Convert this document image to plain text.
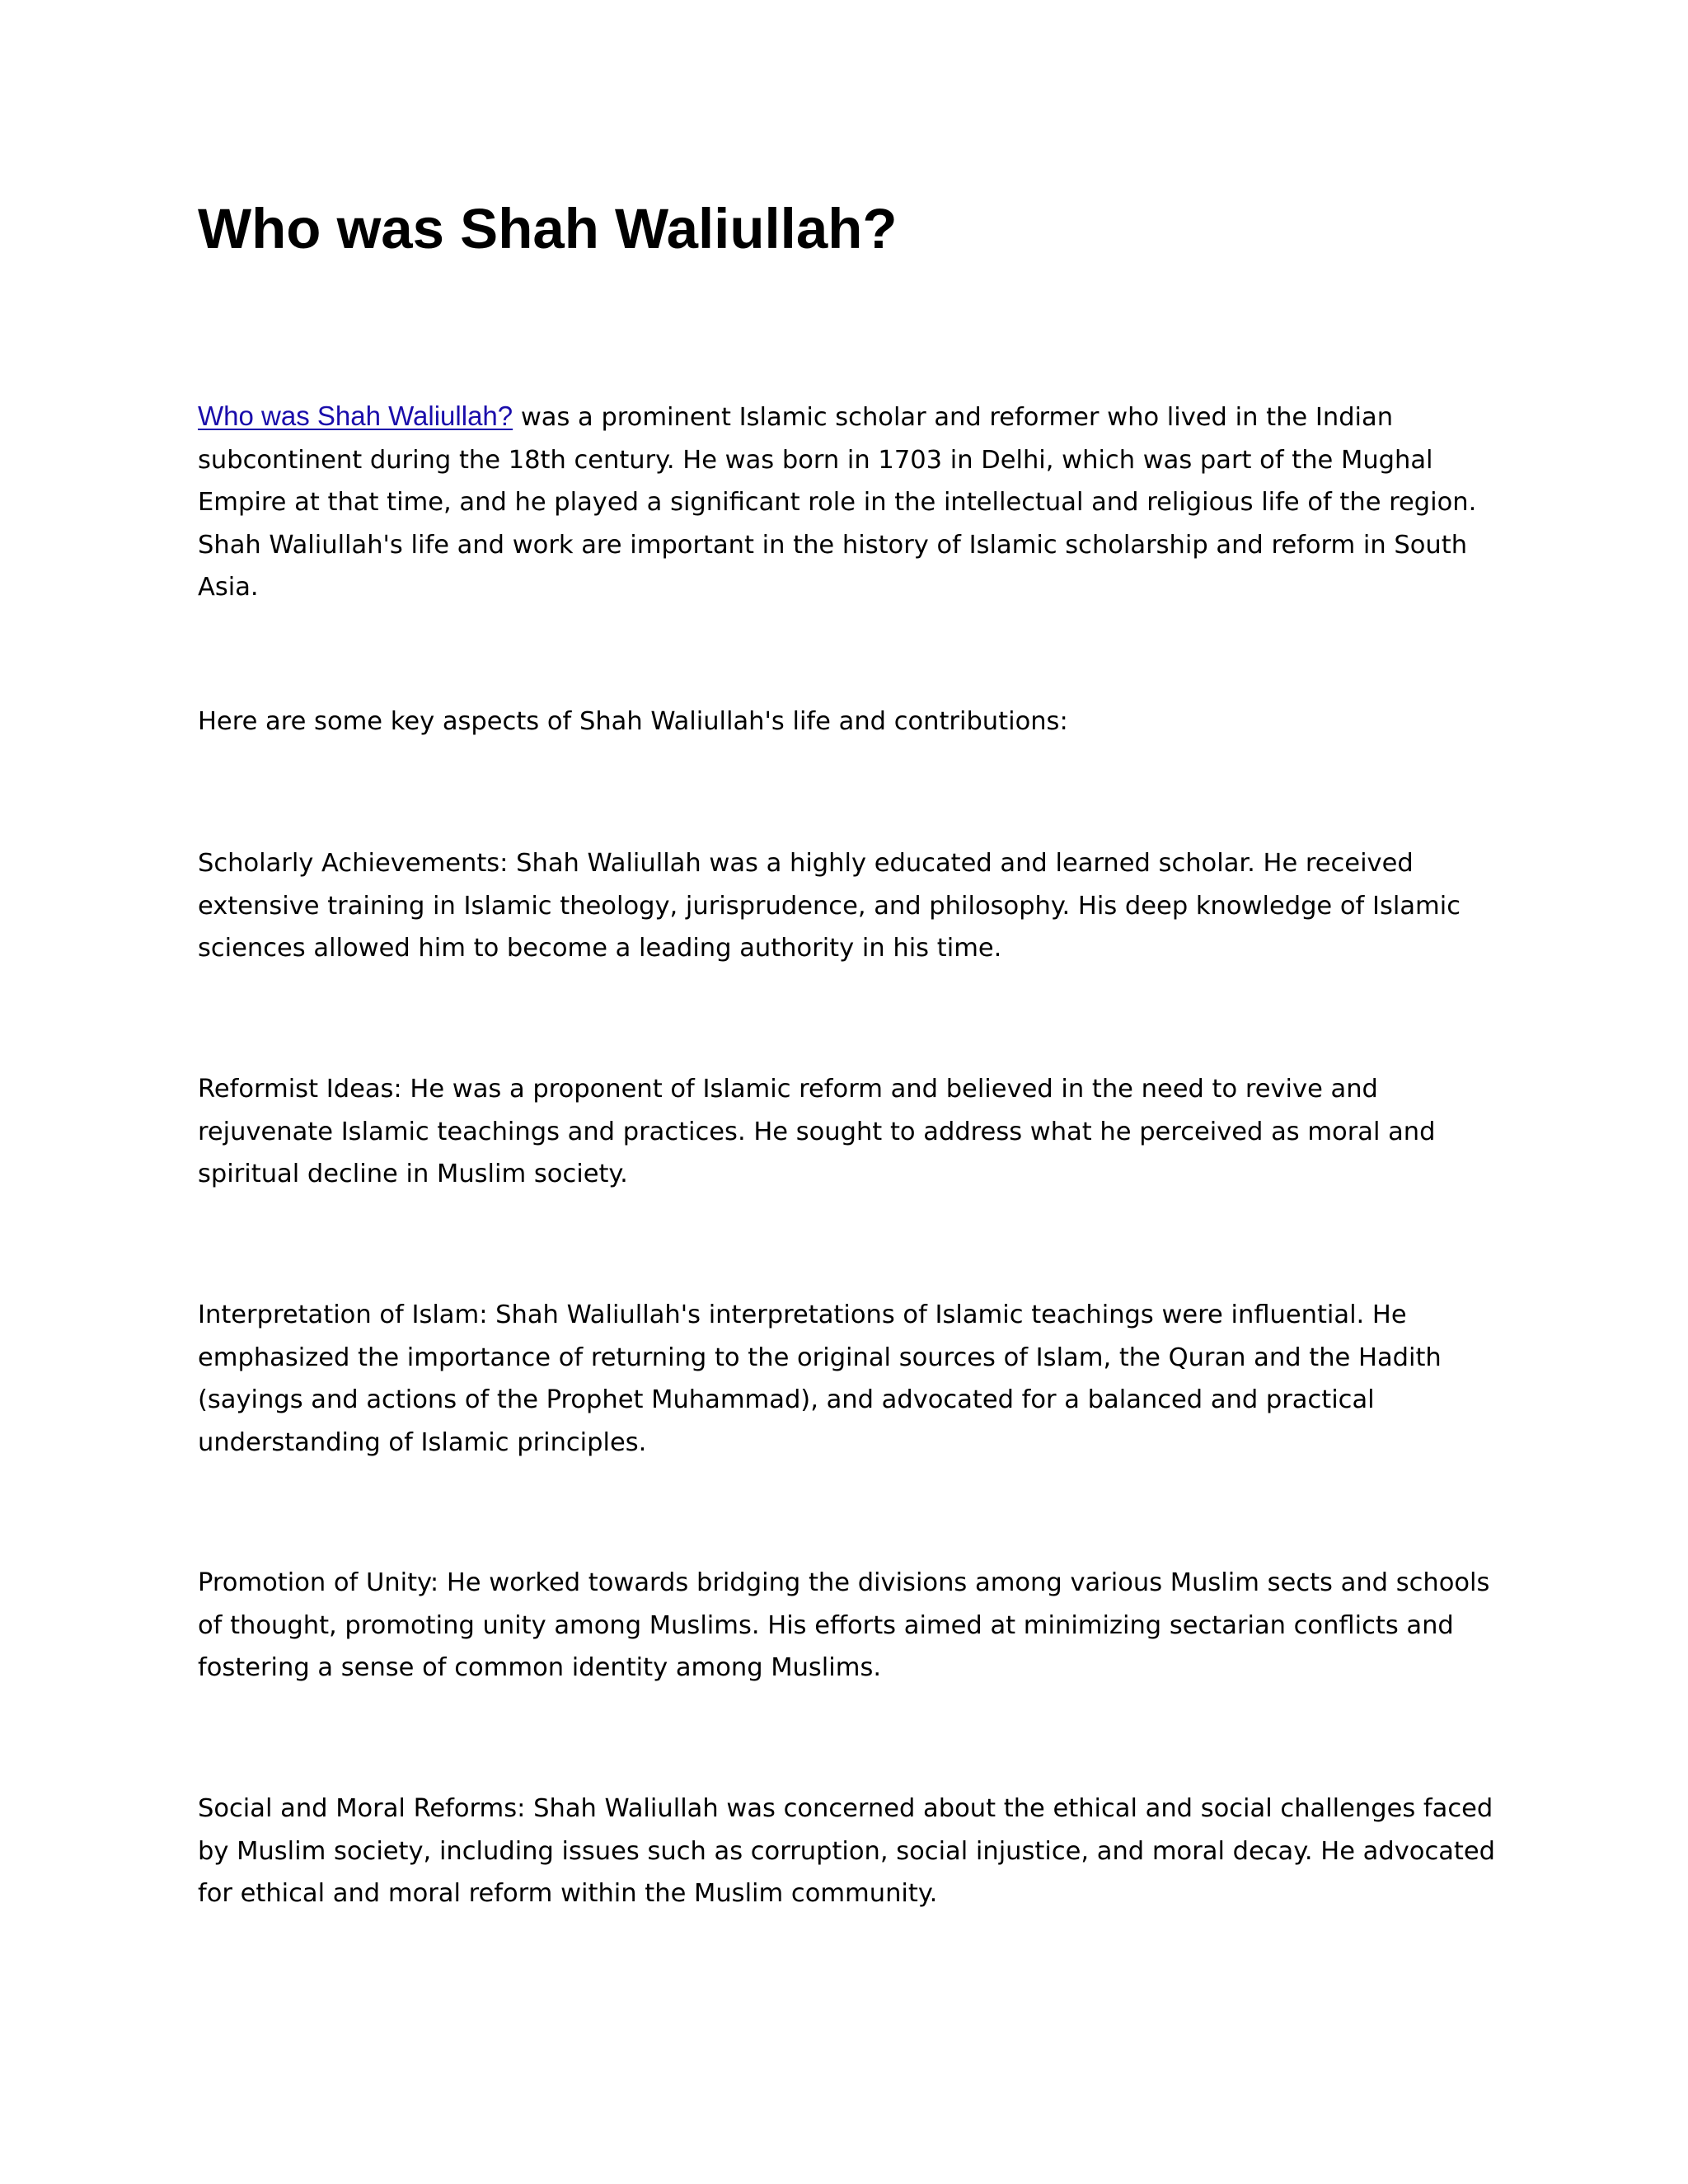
Who was Shah Waliullah?

Who was Shah Waliullah? was a prominent Islamic scholar and reformer who lived in the Indian subcontinent during the 18th century. He was born in 1703 in Delhi, which was part of the Mughal Empire at that time, and he played a significant role in the intellectual and religious life of the region. Shah Waliullah's life and work are important in the history of Islamic scholarship and reform in South Asia.

Here are some key aspects of Shah Waliullah's life and contributions:

Scholarly Achievements: Shah Waliullah was a highly educated and learned scholar. He received extensive training in Islamic theology, jurisprudence, and philosophy. His deep knowledge of Islamic sciences allowed him to become a leading authority in his time.

Reformist Ideas: He was a proponent of Islamic reform and believed in the need to revive and rejuvenate Islamic teachings and practices. He sought to address what he perceived as moral and spiritual decline in Muslim society.

Interpretation of Islam: Shah Waliullah's interpretations of Islamic teachings were influential. He emphasized the importance of returning to the original sources of Islam, the Quran and the Hadith (sayings and actions of the Prophet Muhammad), and advocated for a balanced and practical understanding of Islamic principles.

Promotion of Unity: He worked towards bridging the divisions among various Muslim sects and schools of thought, promoting unity among Muslims. His efforts aimed at minimizing sectarian conflicts and fostering a sense of common identity among Muslims.

Social and Moral Reforms: Shah Waliullah was concerned about the ethical and social challenges faced by Muslim society, including issues such as corruption, social injustice, and moral decay. He advocated for ethical and moral reform within the Muslim community.
